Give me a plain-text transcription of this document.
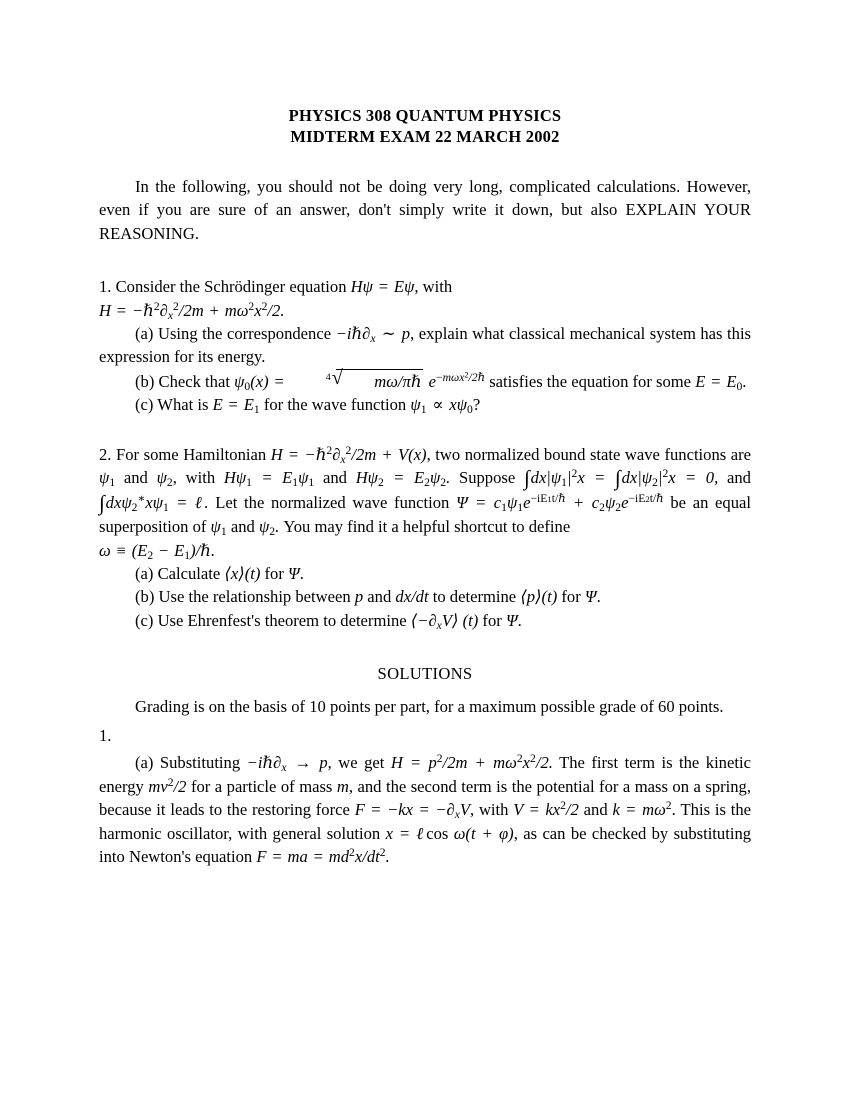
PHYSICS 308 QUANTUM PHYSICS
MIDTERM EXAM 22 MARCH 2002

In the following, you should not be doing very long, complicated calculations. However, even if you are sure of an answer, don't simply write it down, but also EXPLAIN YOUR REASONING.

1. Consider the Schrödinger equation Hψ = Eψ, with
$H = -\hbar^2\partial_x^2/2m + m\omega^2x^2/2$.

(a) Using the correspondence $-i\hbar\partial_x$ ∼ p, explain what classical mechanical system has this expression for its energy.

(b) Check that $\psi_0(x)$ =	4 √ mω/πℏ $e^{-m\omega x^2/2\hbar}$ satisfies the equation for some $E = E_0$.

(c) What is $E = E_1$ for the wave function $\psi_1 \propto x\psi_0$?

2. For some Hamiltonian $H = -\hbar^2\partial_x^2/2m + V(x)$, two normalized bound state wave functions are $\psi_1$ and $\psi_2$, with $H\psi_1 = E_1\psi_1$ and $H\psi_2 = E_2\psi_2$. Suppose $\int dx|\psi_1|^2x = \int dx|\psi_2|^2x = 0$, and $\int dx\psi_2^∗x\psi_1$ = ℓ. Let the normalized wave function $\Psi = c_1\psi_1e^{-iE1t/\hbar} + c_2\psi_2e^{-iE2t/\hbar}$ be an equal superposition of $\psi_1$ and $\psi_2$. You may find it a helpful shortcut to define
$\omega \equiv (E_2$ − $E_1)/\hbar$.

(a) Calculate ⟨x⟩(t) for Ψ.

(b) Use the relationship between p and dx/dt to determine ⟨p⟩(t) for Ψ.

(c) Use Ehrenfest's theorem to determine $⟨-\partial_xV⟩$ (t) for Ψ.

SOLUTIONS

Grading is on the basis of 10 points per part, for a maximum possible grade of 60 points.

1.

(a) Substituting $-i\hbar\partial_x \to p$, we get $H = p^2/2m + m\omega^2x^2/2$. The first term is the kinetic energy $mv^2/2$ for a particle of mass m, and the second term is the potential for a mass on a spring, because it leads to the restoring force $F = -kx = -\partial_xV$, with $V = kx^2/2$ and $k = m\omega^2$. This is the harmonic oscillator, with general solution x = ℓcos ω(t + φ), as can be checked by substituting into Newton's equation F = ma = $md^2x/dt^2$.
